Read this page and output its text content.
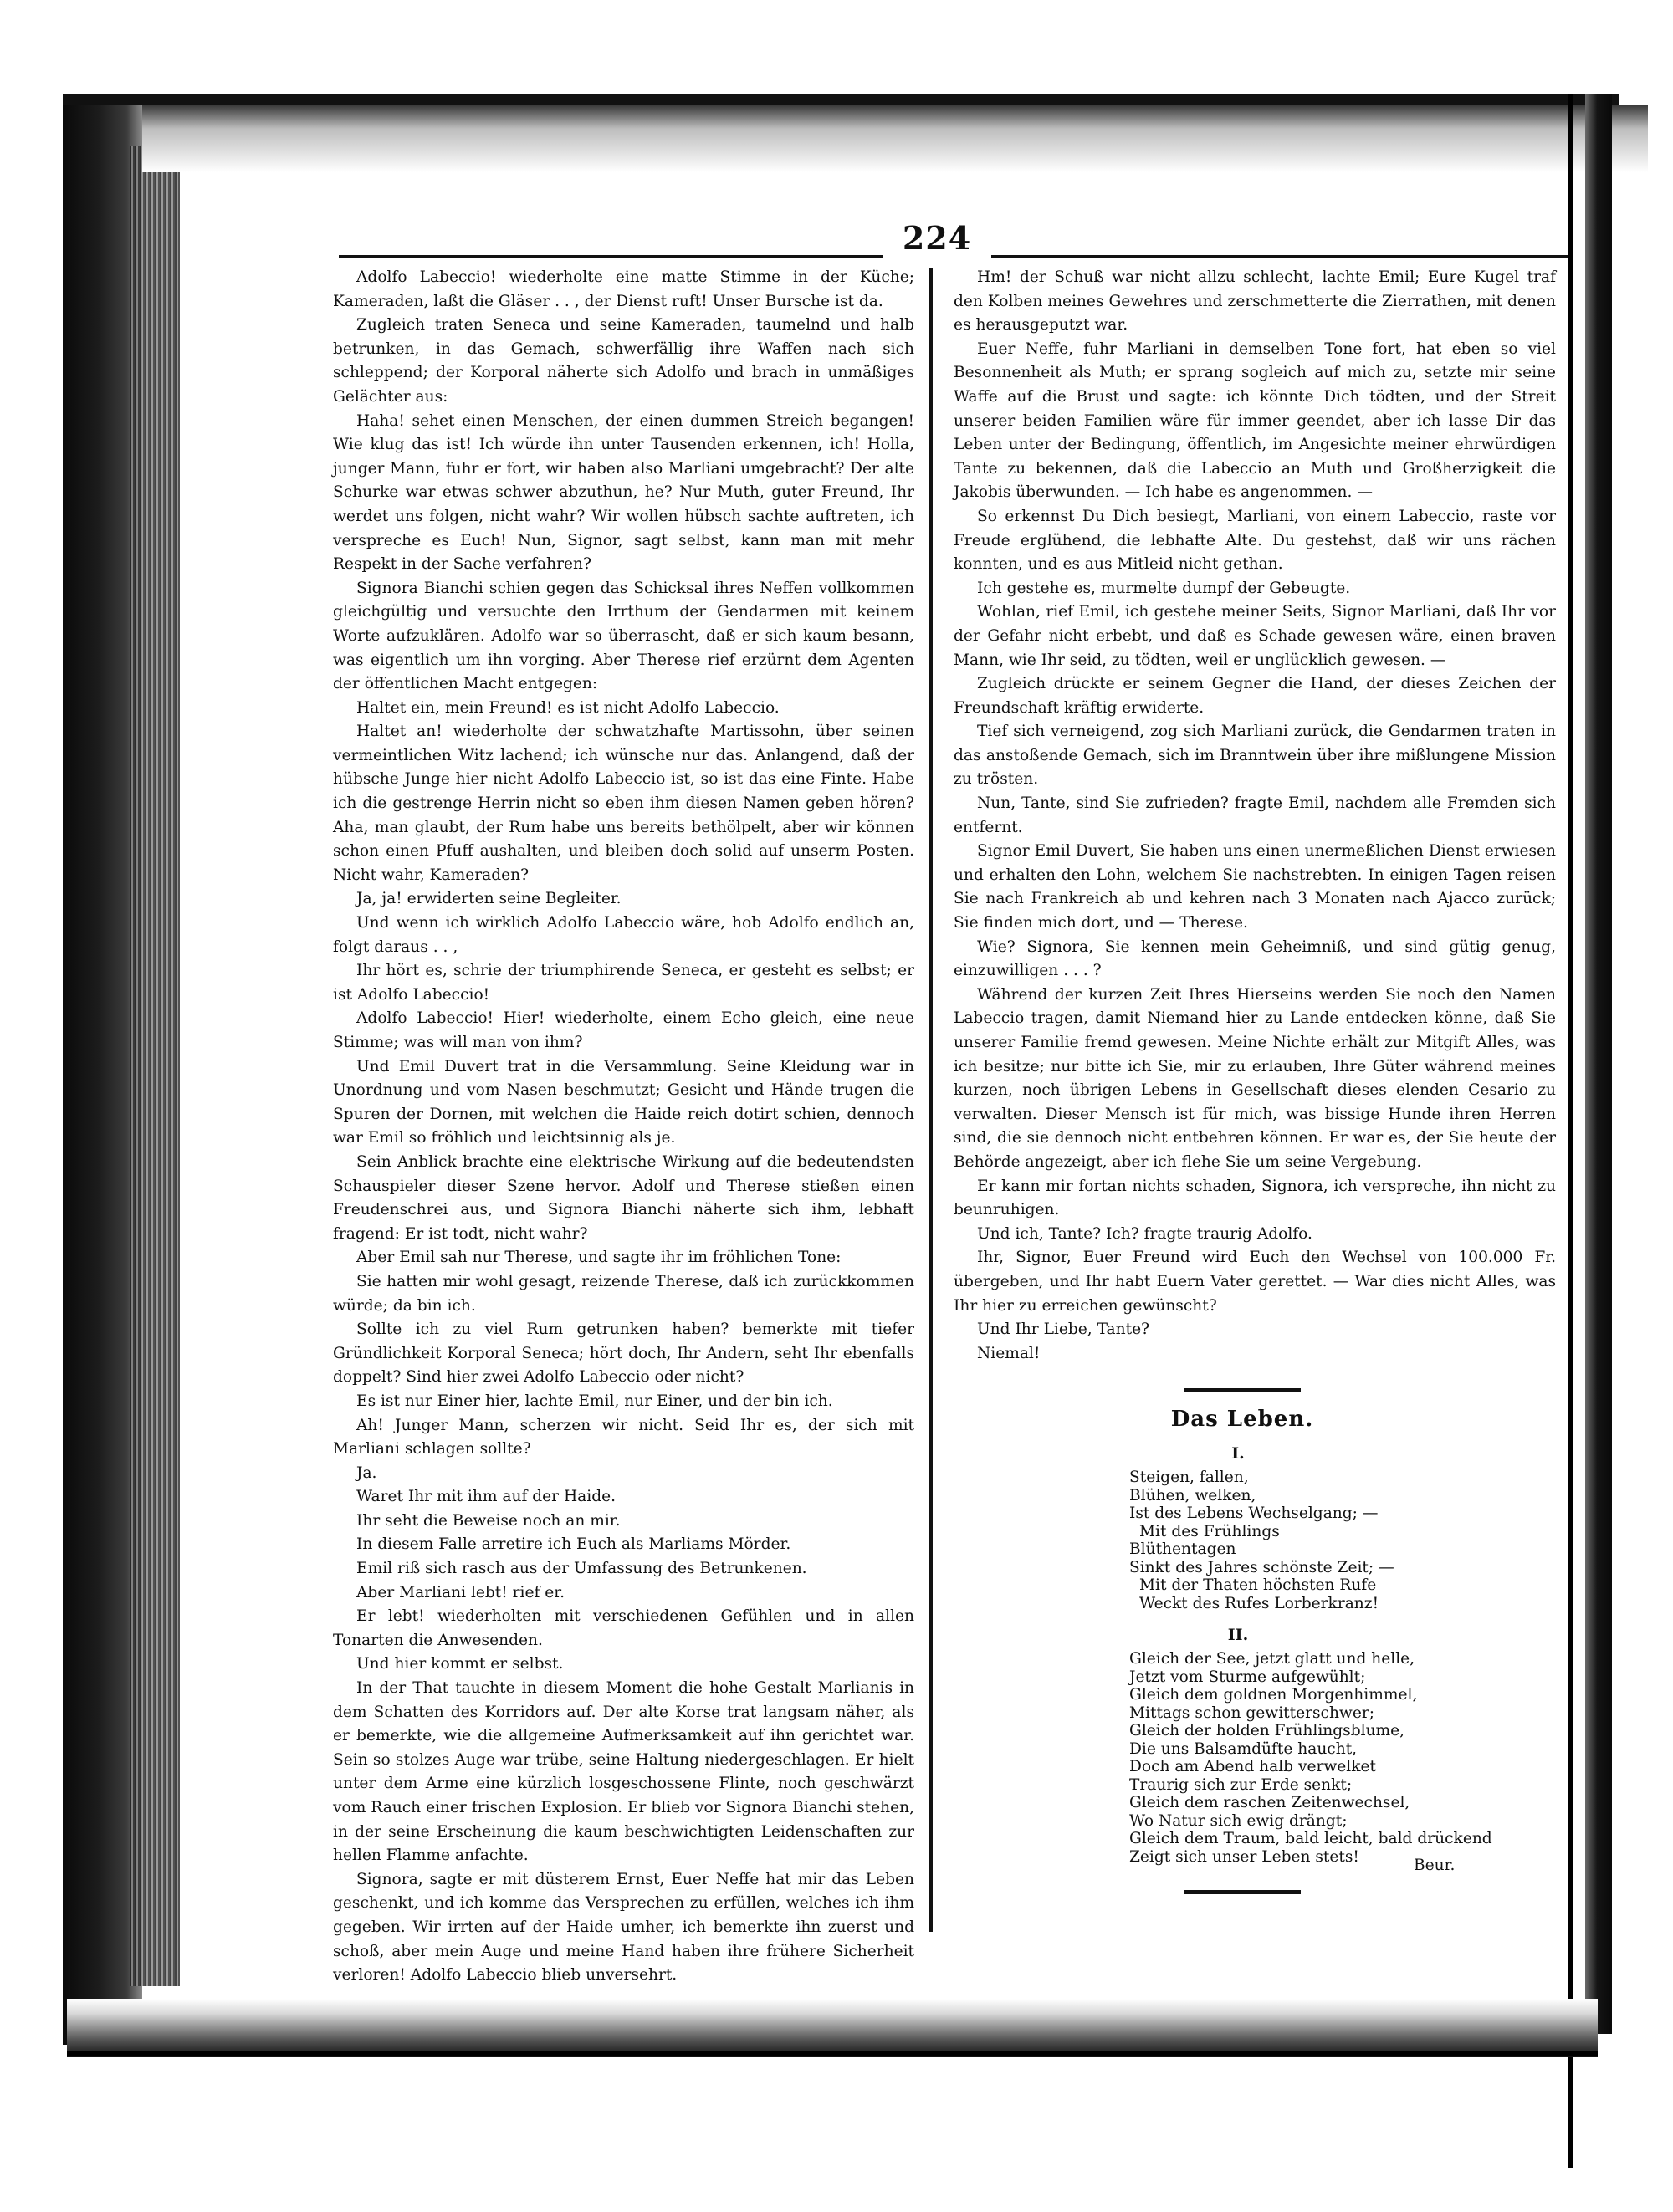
224

Adolfo Labeccio! wiederholte eine matte Stimme in der Küche; Kameraden, laßt die Gläser . . , der Dienst ruft! Unser Bursche ist da.

Zugleich traten Seneca und seine Kameraden, taumelnd und halb betrunken, in das Gemach, schwerfällig ihre Waffen nach sich schleppend; der Korporal näherte sich Adolfo und brach in unmäßiges Gelächter aus:

Haha! sehet einen Menschen, der einen dummen Streich begangen! Wie klug das ist! Ich würde ihn unter Tausenden erkennen, ich! Holla, junger Mann, fuhr er fort, wir haben also Marliani umgebracht? Der alte Schurke war etwas schwer abzuthun, he? Nur Muth, guter Freund, Ihr werdet uns folgen, nicht wahr? Wir wollen hübsch sachte auftreten, ich verspreche es Euch! Nun, Signor, sagt selbst, kann man mit mehr Respekt in der Sache verfahren?

Signora Bianchi schien gegen das Schicksal ihres Neffen vollkommen gleichgültig und versuchte den Irrthum der Gendarmen mit keinem Worte aufzuklären. Adolfo war so überrascht, daß er sich kaum besann, was eigentlich um ihn vorging. Aber Therese rief erzürnt dem Agenten der öffentlichen Macht entgegen:

Haltet ein, mein Freund! es ist nicht Adolfo Labeccio.

Haltet an! wiederholte der schwatzhafte Martissohn, über seinen vermeintlichen Witz lachend; ich wünsche nur das. Anlangend, daß der hübsche Junge hier nicht Adolfo Labeccio ist, so ist das eine Finte. Habe ich die gestrenge Herrin nicht so eben ihm diesen Namen geben hören? Aha, man glaubt, der Rum habe uns bereits bethölpelt, aber wir können schon einen Pfuff aushalten, und bleiben doch solid auf unserm Posten. Nicht wahr, Kameraden?

Ja, ja! erwiderten seine Begleiter.

Und wenn ich wirklich Adolfo Labeccio wäre, hob Adolfo endlich an, folgt daraus . . ,

Ihr hört es, schrie der triumphirende Seneca, er gesteht es selbst; er ist Adolfo Labeccio!

Adolfo Labeccio! Hier! wiederholte, einem Echo gleich, eine neue Stimme; was will man von ihm?

Und Emil Duvert trat in die Versammlung. Seine Kleidung war in Unordnung und vom Nasen beschmutzt; Gesicht und Hände trugen die Spuren der Dornen, mit welchen die Haide reich dotirt schien, dennoch war Emil so fröhlich und leichtsinnig als je.

Sein Anblick brachte eine elektrische Wirkung auf die bedeutendsten Schauspieler dieser Szene hervor. Adolf und Therese stießen einen Freudenschrei aus, und Signora Bianchi näherte sich ihm, lebhaft fragend: Er ist todt, nicht wahr?

Aber Emil sah nur Therese, und sagte ihr im fröhlichen Tone:

Sie hatten mir wohl gesagt, reizende Therese, daß ich zurückkommen würde; da bin ich.

Sollte ich zu viel Rum getrunken haben? bemerkte mit tiefer Gründlichkeit Korporal Seneca; hört doch, Ihr Andern, seht Ihr ebenfalls doppelt? Sind hier zwei Adolfo Labeccio oder nicht?

Es ist nur Einer hier, lachte Emil, nur Einer, und der bin ich.

Ah! Junger Mann, scherzen wir nicht. Seid Ihr es, der sich mit Marliani schlagen sollte?

Ja.

Waret Ihr mit ihm auf der Haide.

Ihr seht die Beweise noch an mir.

In diesem Falle arretire ich Euch als Marliams Mörder.

Emil riß sich rasch aus der Umfassung des Betrunkenen.

Aber Marliani lebt! rief er.

Er lebt! wiederholten mit verschiedenen Gefühlen und in allen Tonarten die Anwesenden.

Und hier kommt er selbst.

In der That tauchte in diesem Moment die hohe Gestalt Marlianis in dem Schatten des Korridors auf. Der alte Korse trat langsam näher, als er bemerkte, wie die allgemeine Aufmerksamkeit auf ihn gerichtet war. Sein so stolzes Auge war trübe, seine Haltung niedergeschlagen. Er hielt unter dem Arme eine kürzlich losgeschossene Flinte, noch geschwärzt vom Rauch einer frischen Explosion. Er blieb vor Signora Bianchi stehen, in der seine Erscheinung die kaum beschwichtigten Leidenschaften zur hellen Flamme anfachte.

Signora, sagte er mit düsterem Ernst, Euer Neffe hat mir das Leben geschenkt, und ich komme das Versprechen zu erfüllen, welches ich ihm gegeben. Wir irrten auf der Haide umher, ich bemerkte ihn zuerst und schoß, aber mein Auge und meine Hand haben ihre frühere Sicherheit verloren! Adolfo Labeccio blieb unversehrt.

Hm! der Schuß war nicht allzu schlecht, lachte Emil; Eure Kugel traf den Kolben meines Gewehres und zerschmetterte die Zierrathen, mit denen es herausgeputzt war.

Euer Neffe, fuhr Marliani in demselben Tone fort, hat eben so viel Besonnenheit als Muth; er sprang sogleich auf mich zu, setzte mir seine Waffe auf die Brust und sagte: ich könnte Dich tödten, und der Streit unserer beiden Familien wäre für immer geendet, aber ich lasse Dir das Leben unter der Bedingung, öffentlich, im Angesichte meiner ehrwürdigen Tante zu bekennen, daß die Labeccio an Muth und Großherzigkeit die Jakobis überwunden. — Ich habe es angenommen. —

So erkennst Du Dich besiegt, Marliani, von einem Labeccio, raste vor Freude erglühend, die lebhafte Alte. Du gestehst, daß wir uns rächen konnten, und es aus Mitleid nicht gethan.

Ich gestehe es, murmelte dumpf der Gebeugte.

Wohlan, rief Emil, ich gestehe meiner Seits, Signor Marliani, daß Ihr vor der Gefahr nicht erbebt, und daß es Schade gewesen wäre, einen braven Mann, wie Ihr seid, zu tödten, weil er unglücklich gewesen. —

Zugleich drückte er seinem Gegner die Hand, der dieses Zeichen der Freundschaft kräftig erwiderte.

Tief sich verneigend, zog sich Marliani zurück, die Gendarmen traten in das anstoßende Gemach, sich im Branntwein über ihre mißlungene Mission zu trösten.

Nun, Tante, sind Sie zufrieden? fragte Emil, nachdem alle Fremden sich entfernt.

Signor Emil Duvert, Sie haben uns einen unermeßlichen Dienst erwiesen und erhalten den Lohn, welchem Sie nachstrebten. In einigen Tagen reisen Sie nach Frankreich ab und kehren nach 3 Monaten nach Ajacco zurück; Sie finden mich dort, und — Therese.

Wie? Signora, Sie kennen mein Geheimniß, und sind gütig genug, einzuwilligen . . . ?

Während der kurzen Zeit Ihres Hierseins werden Sie noch den Namen Labeccio tragen, damit Niemand hier zu Lande entdecken könne, daß Sie unserer Familie fremd gewesen. Meine Nichte erhält zur Mitgift Alles, was ich besitze; nur bitte ich Sie, mir zu erlauben, Ihre Güter während meines kurzen, noch übrigen Lebens in Gesellschaft dieses elenden Cesario zu verwalten. Dieser Mensch ist für mich, was bissige Hunde ihren Herren sind, die sie dennoch nicht entbehren können. Er war es, der Sie heute der Behörde angezeigt, aber ich flehe Sie um seine Vergebung.

Er kann mir fortan nichts schaden, Signora, ich verspreche, ihn nicht zu beunruhigen.

Und ich, Tante? Ich? fragte traurig Adolfo.

Ihr, Signor, Euer Freund wird Euch den Wechsel von 100.000 Fr. übergeben, und Ihr habt Euern Vater gerettet. — War dies nicht Alles, was Ihr hier zu erreichen gewünscht?

Und Ihr Liebe, Tante?

Niemal!

Das Leben.
I.
Steigen, fallen,
Blühen, welken,
Ist des Lebens Wechselgang; —
Mit des Frühlings
Blüthentagen
Sinkt des Jahres schönste Zeit; —
Mit der Thaten höchsten Rufe
Weckt des Rufes Lorberkranz!
II.
Gleich der See, jetzt glatt und helle,
Jetzt vom Sturme aufgewühlt;
Gleich dem goldnen Morgenhimmel,
Mittags schon gewitterschwer;
Gleich der holden Frühlingsblume,
Die uns Balsamdüfte haucht,
Doch am Abend halb verwelket
Traurig sich zur Erde senkt;
Gleich dem raschen Zeitenwechsel,
Wo Natur sich ewig drängt;
Gleich dem Traum, bald leicht, bald drückend
Zeigt sich unser Leben stets!	Beur.
